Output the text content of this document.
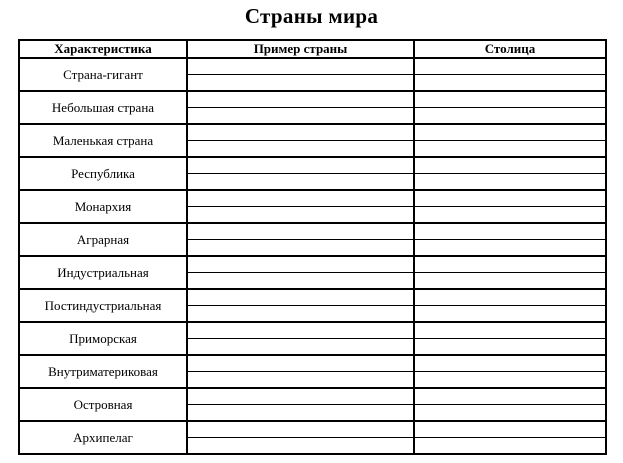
Страны мира
Характеристика	Пример страны	Столица
Страна-гигант		

Небольшая страна		

Маленькая страна		

Республика		

Монархия		

Аграрная		

Индустриальная		

Постиндустриальная		

Приморская		

Внутриматериковая		

Островная		

Архипелаг		
